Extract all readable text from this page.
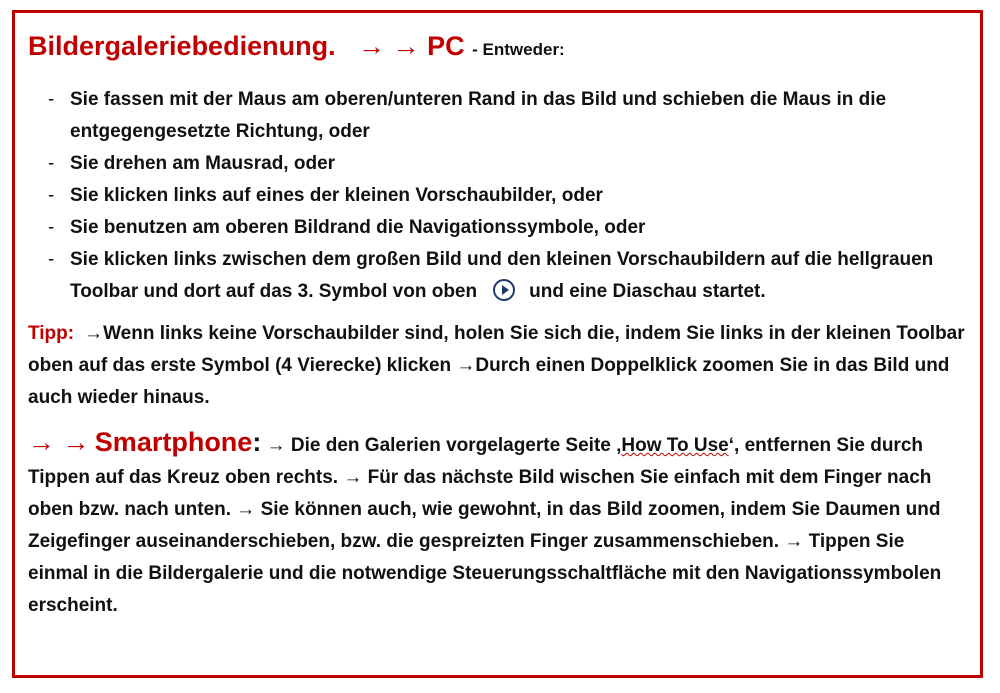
Bildergaleriebedienung. → → PC - Entweder:
- Sie fassen mit der Maus am oberen/unteren Rand in das Bild und schieben die Maus in die entgegengesetzte Richtung, oder
- Sie drehen am Mausrad, oder
- Sie klicken links auf eines der kleinen Vorschaubilder, oder
- Sie benutzen am oberen Bildrand die Navigationssymbole, oder
- Sie klicken links zwischen dem großen Bild und den kleinen Vorschaubildern auf die hellgrauen Toolbar und dort auf das 3. Symbol von oben	und eine Diaschau startet.
Tipp: →Wenn links keine Vorschaubilder sind, holen Sie sich die, indem Sie links in der kleinen Toolbar oben auf das erste Symbol (4 Vierecke) klicken →Durch einen Doppelklick zoomen Sie in das Bild und auch wieder hinaus.
→ → Smartphone: → Die den Galerien vorgelagerte Seite ‚How To Use‘, entfernen Sie durch Tippen auf das Kreuz oben rechts. → Für das nächste Bild wischen Sie einfach mit dem Finger nach oben bzw. nach unten. → Sie können auch, wie gewohnt, in das Bild zoomen, indem Sie Daumen und Zeigefinger auseinanderschieben, bzw. die gespreizten Finger zusammenschieben. → Tippen Sie einmal in die Bildergalerie und die notwendige Steuerungsschaltfläche mit den Navigationssymbolen erscheint.
